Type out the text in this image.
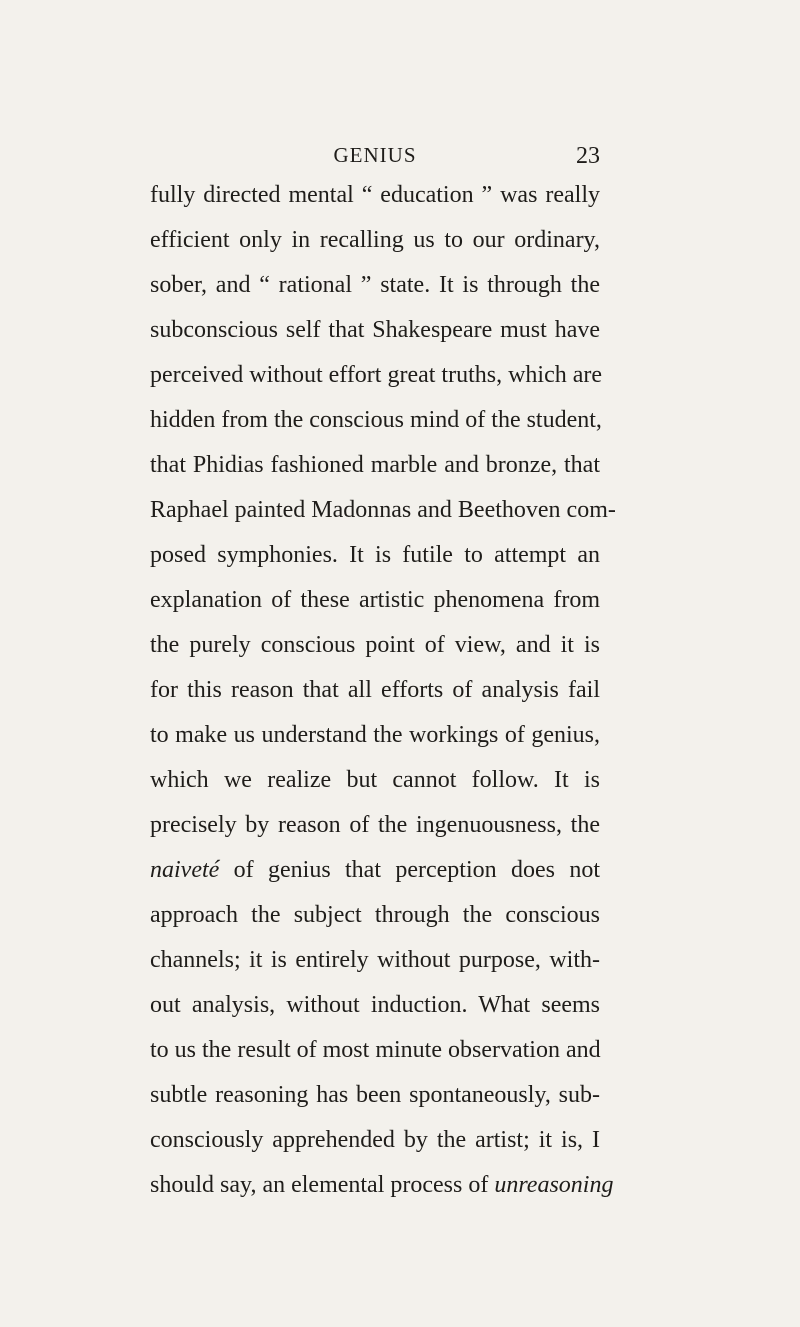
GENIUS	23
fully directed mental “ education ” was really
efficient only in recalling us to our ordinary,
sober, and “ rational ” state. It is through the
subconscious self that Shakespeare must have
perceived without effort great truths, which are
hidden from the conscious mind of the student,
that Phidias fashioned marble and bronze, that
Raphael painted Madonnas and Beethoven com-
posed symphonies. It is futile to attempt an
explanation of these artistic phenomena from
the purely conscious point of view, and it is
for this reason that all efforts of analysis fail
to make us understand the workings of genius,
which we realize but cannot follow. It is
precisely by reason of the ingenuousness, the
naiveté of genius that perception does not
approach the subject through the conscious
channels; it is entirely without purpose, with-
out analysis, without induction. What seems
to us the result of most minute observation and
subtle reasoning has been spontaneously, sub-
consciously apprehended by the artist; it is, I
should say, an elemental process of unreasoning
